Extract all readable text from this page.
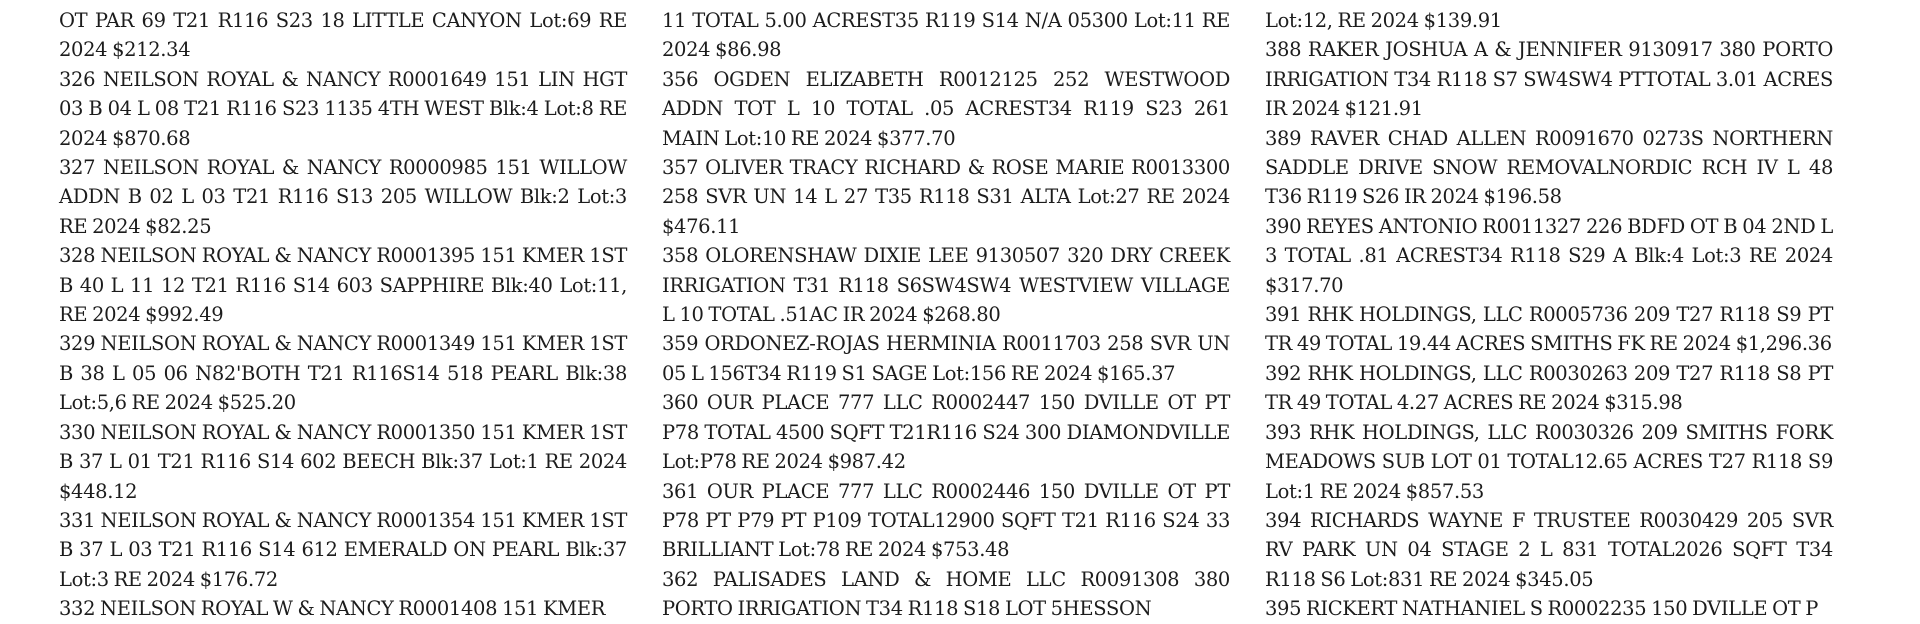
OT PAR 69 T21 R116 S23 18 LITTLE CANYON Lot:69 RE 2024 $212.34

326 NEILSON ROYAL & NANCY R0001649 151 LIN HGT 03 B 04 L 08 T21 R116 S23 1135 4TH WEST Blk:4 Lot:8 RE 2024 $870.68

327 NEILSON ROYAL & NANCY R0000985 151 WILLOW ADDN B 02 L 03 T21 R116 S13 205 WILLOW Blk:2 Lot:3 RE 2024 $82.25

328 NEILSON ROYAL & NANCY R0001395 151 KMER 1ST B 40 L 11 12 T21 R116 S14 603 SAPPHIRE Blk:40 Lot:11, RE 2024 $992.49

329 NEILSON ROYAL & NANCY R0001349 151 KMER 1ST B 38 L 05 06 N82'BOTH T21 R116S14 518 PEARL Blk:38 Lot:5,6 RE 2024 $525.20

330 NEILSON ROYAL & NANCY R0001350 151 KMER 1ST B 37 L 01 T21 R116 S14 602 BEECH Blk:37 Lot:1 RE 2024 $448.12

331 NEILSON ROYAL & NANCY R0001354 151 KMER 1ST B 37 L 03 T21 R116 S14 612 EMERALD ON PEARL Blk:37 Lot:3 RE 2024 $176.72

332 NEILSON ROYAL W & NANCY R0001408 151 KMER

11 TOTAL 5.00 ACREST35 R119 S14 N/A 05300 Lot:11 RE 2024 $86.98

356 OGDEN ELIZABETH R0012125 252 WESTWOOD ADDN TOT L 10 TOTAL .05 ACREST34 R119 S23 261 MAIN Lot:10 RE 2024 $377.70

357 OLIVER TRACY RICHARD & ROSE MARIE R0013300 258 SVR UN 14 L 27 T35 R118 S31 ALTA Lot:27 RE 2024 $476.11

358 OLORENSHAW DIXIE LEE 9130507 320 DRY CREEK IRRIGATION T31 R118 S6SW4SW4 WESTVIEW VILLAGE L 10 TOTAL .51AC IR 2024 $268.80

359 ORDONEZ-ROJAS HERMINIA R0011703 258 SVR UN 05 L 156T34 R119 S1 SAGE Lot:156 RE 2024 $165.37

360 OUR PLACE 777 LLC R0002447 150 DVILLE OT PT P78 TOTAL 4500 SQFT T21R116 S24 300 DIAMONDVILLE Lot:P78 RE 2024 $987.42

361 OUR PLACE 777 LLC R0002446 150 DVILLE OT PT P78 PT P79 PT P109 TOTAL12900 SQFT T21 R116 S24 33 BRILLIANT Lot:78 RE 2024 $753.48

362 PALISADES LAND & HOME LLC R0091308 380 PORTO IRRIGATION T34 R118 S18 LOT 5HESSON

Lot:12, RE 2024 $139.91

388 RAKER JOSHUA A & JENNIFER 9130917 380 PORTO IRRIGATION T34 R118 S7 SW4SW4 PTTOTAL 3.01 ACRES IR 2024 $121.91

389 RAVER CHAD ALLEN R0091670 0273S NORTHERN SADDLE DRIVE SNOW REMOVALNORDIC RCH IV L 48 T36 R119 S26 IR 2024 $196.58

390 REYES ANTONIO R0011327 226 BDFD OT B 04 2ND L 3 TOTAL .81 ACREST34 R118 S29 A Blk:4 Lot:3 RE 2024 $317.70

391 RHK HOLDINGS, LLC R0005736 209 T27 R118 S9 PT TR 49 TOTAL 19.44 ACRES SMITHS FK RE 2024 $1,296.36

392 RHK HOLDINGS, LLC R0030263 209 T27 R118 S8 PT TR 49 TOTAL 4.27 ACRES RE 2024 $315.98

393 RHK HOLDINGS, LLC R0030326 209 SMITHS FORK MEADOWS SUB LOT 01 TOTAL12.65 ACRES T27 R118 S9 Lot:1 RE 2024 $857.53

394 RICHARDS WAYNE F TRUSTEE R0030429 205 SVR RV PARK UN 04 STAGE 2 L 831 TOTAL2026 SQFT T34 R118 S6 Lot:831 RE 2024 $345.05

395 RICKERT NATHANIEL S R0002235 150 DVILLE OT P
